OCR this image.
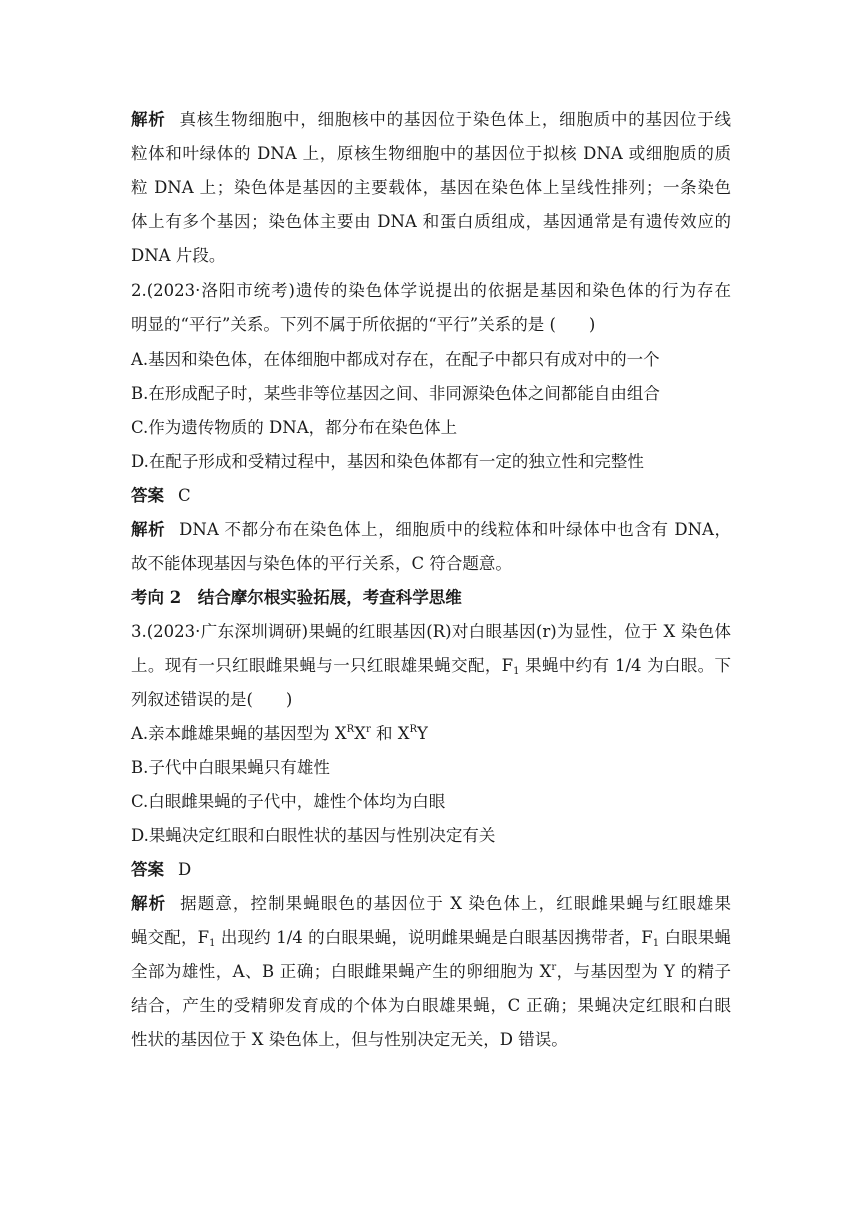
解析 真核生物细胞中，细胞核中的基因位于染色体上，细胞质中的基因位于线
粒体和叶绿体的 DNA 上，原核生物细胞中的基因位于拟核 DNA 或细胞质的质
粒 DNA 上；染色体是基因的主要载体，基因在染色体上呈线性排列；一条染色
体上有多个基因；染色体主要由 DNA 和蛋白质组成，基因通常是有遗传效应的
DNA 片段。
2.(2023·洛阳市统考)遗传的染色体学说提出的依据是基因和染色体的行为存在
明显的“平行”关系。下列不属于所依据的“平行”关系的是 (　　)
A.基因和染色体，在体细胞中都成对存在，在配子中都只有成对中的一个
B.在形成配子时，某些非等位基因之间、非同源染色体之间都能自由组合
C.作为遗传物质的 DNA，都分布在染色体上
D.在配子形成和受精过程中，基因和染色体都有一定的独立性和完整性
答案 C
解析 DNA 不都分布在染色体上，细胞质中的线粒体和叶绿体中也含有 DNA，
故不能体现基因与染色体的平行关系，C 符合题意。
考向 2　结合摩尔根实验拓展，考查科学思维
3.(2023·广东深圳调研)果蝇的红眼基因(R)对白眼基因(r)为显性，位于 X 染色体
上。现有一只红眼雌果蝇与一只红眼雄果蝇交配，$F_1$ 果蝇中约有 1/4 为白眼。下
列叙述错误的是(　　)
A.亲本雌雄果蝇的基因型为 $X^RX^r$ 和 $X^RY$
B.子代中白眼果蝇只有雄性
C.白眼雌果蝇的子代中，雄性个体均为白眼
D.果蝇决定红眼和白眼性状的基因与性别决定有关
答案 D
解析 据题意，控制果蝇眼色的基因位于 X 染色体上，红眼雌果蝇与红眼雄果
蝇交配，$F_1$ 出现约 1/4 的白眼果蝇，说明雌果蝇是白眼基因携带者，$F_1$ 白眼果蝇
全部为雄性，A、B 正确；白眼雌果蝇产生的卵细胞为 $X^r$，与基因型为 Y 的精子
结合，产生的受精卵发育成的个体为白眼雄果蝇，C 正确；果蝇决定红眼和白眼
性状的基因位于 X 染色体上，但与性别决定无关，D 错误。
